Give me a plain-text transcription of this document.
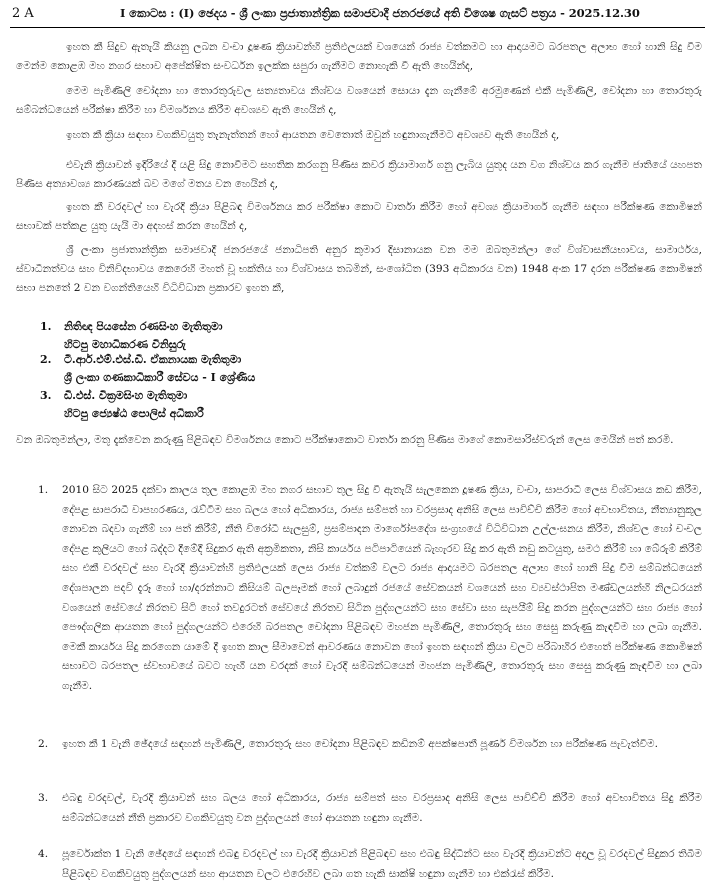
2 A	I කොටස : (I) ඡෙදය - ශ්‍රී ලංකා ප්‍රජාතාන්ත්‍රික සමාජවාදී ජනරජයේ අති විශෙෂ ගැසට් පත්‍රය - 2025.12.30

ඉහත කී සිදුව ඇතැයි කියනු ලබන වංචා දූෂණ ක්‍රියාවන්හි ප්‍රතිඵලයක් වශයෙන් රාජ්‍ය වත්කමට හා ආදායමට බරපතල අලාභ හෝ හානි සිදු වීම මෙන්ම කොළඹ මහ නගර සභාව අපේක්ෂිත සංවර්ධන ඉලක්ක සපුරා ගැනීමට නොහැකි වී ඇති හෙයින්ද,

මෙම පැමිණිලි චෝදනා හා තොරතුරුවල සත්‍යතාවය නිශ්චය වශයෙන් සොයා දැන ගැනීමේ අරමුණෙන් එකී පැමිණිලි, චෝදනා හා තොරතුරු සම්බන්ධයෙන් පරීක්ෂා කිරීම හා විමර්ශනය කිරීම අවශ්‍යව ඇති හෙයින් ද,

ඉහත කී ක්‍රියා සඳහා වගකිවයුතු තැනැත්තන් හෝ ආයතන වෙතොත් ඔවුන් හඳුනාගැනීමට අවශ්‍යව ඇති හෙයින් ද,

එවැනි ක්‍රියාවන් ඉදිරියේ දී යළි සිදු නොවීමට සහතික කරගනු පිණිස කවර ක්‍රියාමාර්ග ගනු ලැබිය යුතුද යන වග නිශ්චය කර ගැනීම ජාතියේ යහපත පිණිස අත්‍යාවශ්‍ය කාරණයක් බව මගේ මතය වන හෙයින් ද,

ඉහත කී වරදවල් හා වැරදි ක්‍රියා පිළිබඳ විමර්ශනය කර පරීක්ෂා කොට වාර්තා කිරීම හෝ අවශ්‍ය ක්‍රියාමාර්ග ගැනීම සඳහා පරීක්ෂණ කොමිෂන් සභාවක් පත්කළ යුතු යැයි මා අදහස් කරන හෙයින් ද,

ශ්‍රී ලංකා ප්‍රජාතාන්ත්‍රික සමාජවාදී ජනරජයේ ජනාධිපති අනුර කුමාර දිසානායක වන මම ඔබතුමන්ලා ගේ විශ්වාසනීයභාවය, සාමාර්ථය, ස්වාධීනත්වය සහ විනිවිදභාවය කෙරෙහි මහත් වූ භක්තිය හා විශ්වාසය තබමින්, සංශෝධිත (393 අධිකාරය වන) 1948 අංක 17 දරන පරීක්ෂණ කොමිෂන් සභා පනතේ 2 වන වගන්තියෙහි විධිවිධාන ප්‍රකාරව ඉහත කී,

1.	නිතිඥ පියසේන රණසිංහ මැතිතුමා
හිටපු මහාධිකරණ විනිසුරු
2.	ටී.ආර්.එම්.එස්.ඩී. ඒකනායක මැතිතුමා
ශ්‍රී ලංකා ගණකාධිකාරී සේවය - I ශ්‍රේණිය
3.	ඩී.එස්. වික්‍රමසිංහ මැතිතුමා
හිටපු ජ්‍යෙෂ්ඨ පොලිස් අධිකාරී

වන ඔබතුමන්ලා, මතු දැක්වෙන කරුණු පිළිබඳව විමර්ශනය කොට පරීක්ෂාකොට වාර්තා කරනු පිණිස මාගේ කොමසාරිස්වරුන් ලෙස මෙයින් පත් කරමි.

1.	2010 සිට 2025 දක්වා කාලය තුල කොළඹ මහ නගර සභාව තුල සිදු වී ඇතැයි සැලකෙන දූෂණ ක්‍රියා, වංචා, සාපරාධී ලෙස විශ්වාසය කඩ කිරීම, දේපළ සාපරාධී වාපහරණය, රැව්ටීම සහ බලය හෝ අධිකාරය, රාජ්‍ය සම්පත් හා වරප්‍රසාද අනිසි ලෙස පාවිච්චි කිරීම හෝ අවභාවිතය, නීත්‍යානුකූල නොවන බදවා ගැනීම් හා පත් කිරීම්, නීති විරෝධී සැලසුම්, ප්‍රසම්පාදන මාර්ගෝපදේශ සංග්‍රහයේ විධිවිධාන උල්ලංඝනය කිරීම, නිශ්චල හෝ චංචල දේපළ කුලියට හෝ බද්දට දීමේදී සිදුකර ඇති අක්‍රමිකතා, නිසි කාර්යය පටිපාටියෙන් බැහැරව සිදු කර ඇති නඩු කටයුතු, සමථ කිරීම් හා බේරුම් කිරීම් සහ එකී වරදවල් සහ වැරදි ක්‍රියාවන්හි ප්‍රතිඵලයක් ලෙස රාජ්‍ය වත්කම් වලට රාජ්‍ය ආදායමට බරපතල අලාභ හෝ හානි සිදු වීම සම්බන්ධයෙන් දේශපාලන පදවි දැරූ හෝ හා/දරන්නාට කිසියම් බලපෑමක් හෝ ලබාදුන් රජයේ සේවකයන් වශයෙන් සහ ව්‍යවස්ථාපිත මණ්ඩලයන්හි නිලධරයන් වශයෙන් සේවයේ නිරතව සිටි හෝ තවදුරටත් සේවයේ නිරතව සිටින පුද්ගලයන්ට සහ සේවා සහ සැපයීම් සිදු කරන පුද්ගලයන්ට සහ රාජ්‍ය හෝ පෞද්ගලික ආයතන හෝ පුද්ගලයන්ට එරෙහි බරපතල චෝදනා පිළිබඳව මහජන පැමිණිලි, තොරතුරු සහ සෙසු කරුණු කැඳවීම හා ලබා ගැනීම. මෙකී කාර්යය සිදු කරගෙන යාමේ දී ඉහත කාල සීමාවෙන් ආවරණය නොවන හෝ ඉහත සඳහන් ක්‍රියා වලට පරිබාහිර එහෙත් පරීක්ෂණ කොමිෂන් සභාවට බරපතල ස්වභාවයේ බවට හැඟී යන වරදක් හෝ වැරදි සම්බන්ධයෙන් මහජන පැමිණිලි, තොරතුරු සහ සෙසු කරුණු කැඳවීම හා ලබා ගැනීම.
2.	ඉහත කී 1 වැනි ඡේදයේ සඳහන් පැමිණිලි, තොරතුරු සහ චෝදනා පිළිබඳව කඩිනම් අපක්ෂපාතී පූර්ණ විමර්ශන හා පරීක්ෂණ පැවැත්වීම.
3.	එබඳු වරදවල්, වැරදි ක්‍රියාවන් සහ බලය හෝ අධිකාරය, රාජ්‍ය සම්පත් සහ වරප්‍රසාද අනිසි ලෙස පාවිච්චි කිරීම හෝ අවභාවිතය සිදු කිරීම සම්බන්ධයෙන් නීති ප්‍රකාරව වගකිවයුතු වන පුද්ගලයන් හෝ ආයතන හඳුනා ගැනීම.
4.	පූර්වොක්ත 1 වැනි ඡේදයේ සඳහන් එබඳු වරදවල් හා වැරදි ක්‍රියාවන් පිළිබඳව සහ එබඳු සිද්ධීන්ට සහ වැරදි ක්‍රියාවන්ට අදාල වූ වරදවල් සිදුකර තිබීම පිළිබඳව වගකිවයුතු පුද්ගලයන් සහ ආයතන වලට එරෙහිව ලබා ගත හැකි සාක්ෂි හඳුනා ගැනීම හා එක්රැස් කිරීම.
